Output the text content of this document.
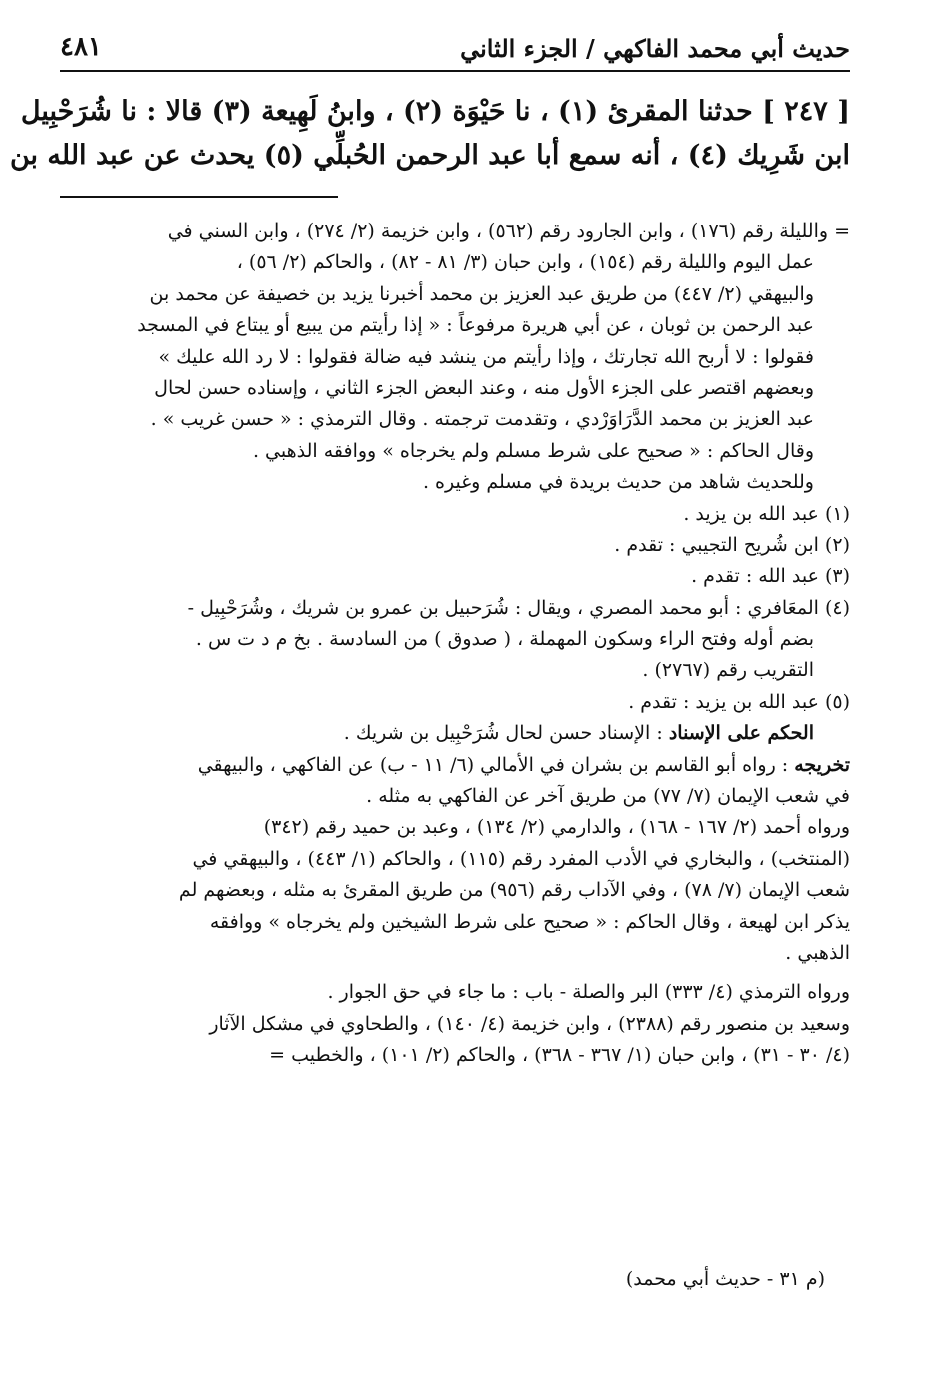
حديث أبي محمد الفاكهي / الجزء الثاني
٤٨١
[ ٢٤٧ ] حدثنا المقرئ (١) ، نا حَيْوَة (٢) ، وابنُ لَهِيعة (٣) قالا : نا شُرَحْبِيل
ابن شَرِيك (٤) ، أنه سمع أبا عبد الرحمن الحُبلِّي (٥) يحدث عن عبد الله بن
= والليلة رقم (١٧٦) ، وابن الجارود رقم (٥٦٢) ، وابن خزيمة (٢/ ٢٧٤) ، وابن السني في
عمل اليوم والليلة رقم (١٥٤) ، وابن حبان (٣/ ٨١ - ٨٢) ، والحاكم (٢/ ٥٦) ،
والبيهقي (٢/ ٤٤٧) من طريق عبد العزيز بن محمد أخبرنا يزيد بن خصيفة عن محمد بن
عبد الرحمن بن ثوبان ، عن أبي هريرة مرفوعاً : « إذا رأيتم من يبيع أو يبتاع في المسجد
فقولوا : لا أربح الله تجارتك ، وإذا رأيتم من ينشد فيه ضالة فقولوا : لا رد الله عليك »
وبعضهم اقتصر على الجزء الأول منه ، وعند البعض الجزء الثاني ، وإسناده حسن لحال
عبد العزيز بن محمد الدَّرَاوَرْدي ، وتقدمت ترجمته . وقال الترمذي : « حسن غريب » .
وقال الحاكم : « صحيح على شرط مسلم ولم يخرجاه » ووافقه الذهبي .
وللحديث شاهد من حديث بريدة في مسلم وغيره .
(١) عبد الله بن يزيد .
(٢) ابن شُريح التجيبي : تقدم .
(٣) عبد الله : تقدم .
(٤) المعَافري : أبو محمد المصري ، ويقال : شُرَحبيل بن عمرو بن شريك ، وشُرَحْبِيل -
بضم أوله وفتح الراء وسكون المهملة ، ( صدوق ) من السادسة . بخ م د ت س .
التقريب رقم (٢٧٦٧) .
(٥) عبد الله بن يزيد : تقدم .
الحكم على الإسناد : الإسناد حسن لحال شُرَحْبِيل بن شريك .
تخريجه : رواه أبو القاسم بن بشران في الأمالي (٦/ ١١ - ب) عن الفاكهي ، والبيهقي
في شعب الإيمان (٧/ ٧٧) من طريق آخر عن الفاكهي به مثله .
ورواه أحمد (٢/ ١٦٧ - ١٦٨) ، والدارمي (٢/ ١٣٤) ، وعبد بن حميد رقم (٣٤٢)
(المنتخب) ، والبخاري في الأدب المفرد رقم (١١٥) ، والحاكم (١/ ٤٤٣) ، والبيهقي في
شعب الإيمان (٧/ ٧٨) ، وفي الآداب رقم (٩٥٦) من طريق المقرئ به مثله ، وبعضهم لم
يذكر ابن لهيعة ، وقال الحاكم : « صحيح على شرط الشيخين ولم يخرجاه » ووافقه
الذهبي .
ورواه الترمذي (٤/ ٣٣٣) البر والصلة - باب : ما جاء في حق الجوار .
وسعيد بن منصور رقم (٢٣٨٨) ، وابن خزيمة (٤/ ١٤٠) ، والطحاوي في مشكل الآثار
(٤/ ٣٠ - ٣١) ، وابن حبان (١/ ٣٦٧ - ٣٦٨) ، والحاكم (٢/ ١٠١) ، والخطيب =
(م ٣١ - حديث أبي محمد)
